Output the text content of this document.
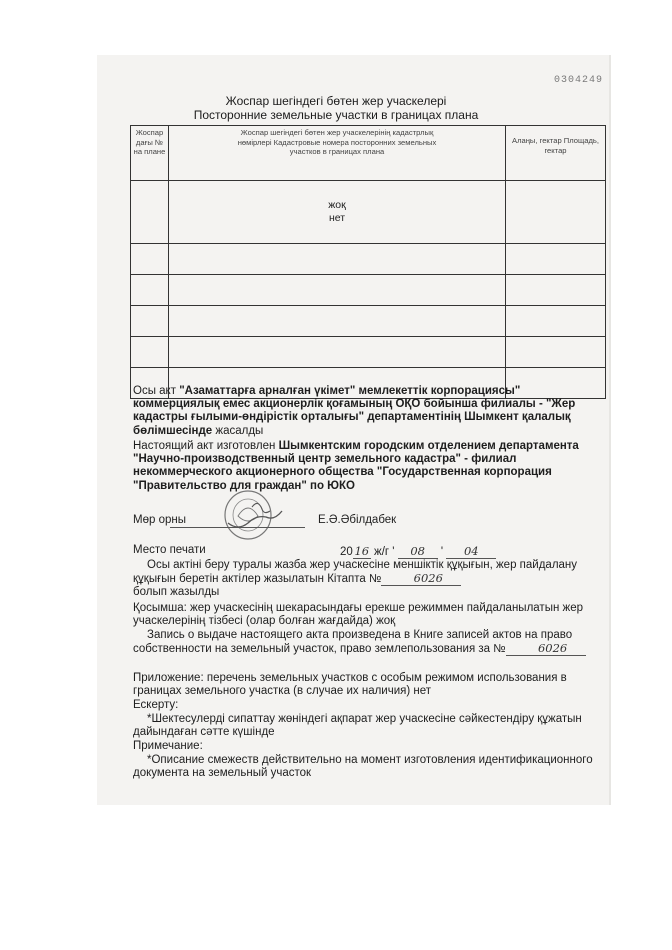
0304249
Жоспар шегіндегі бөтен жер учаскелері
Посторонние земельные участки в границах плана
Жоспар дағы № на плане	Жоспар шегіндегі бөтен жер учаскелерінің кадастрлық нөмірлері Кадастровые номера посторонних земельных участков в границах плана	Алаңы, гектар Площадь, гектар

	жоқ
нет	

Осы акт "Азаматтарға арналған үкімет" мемлекеттік корпорациясы" коммерциялық емес акционерлік қоғамының ОҚО бойынша филиалы - "Жер кадастры ғылыми-өндірістік орталығы" департаментінің Шымкент қалалық бөлімшесінде жасалды
Настоящий акт изготовлен Шымкентским городским отделением департамента "Научно-производственный центр земельного кадастра" - филиал некоммерческого акционерного общества "Государственная корпорация "Правительство для граждан" по ЮКО
Мөр орны	Е.Ә.Әбілдабек
Место печати	20 16 ж/г ' 08 ' 04
Осы актіні беру туралы жазба жер учаскесіне меншіктік құқығын, жер пайдалану құқығын беретін актілер жазылатын Кітапта №	6026
болып жазылды
Қосымша: жер учаскесінің шекарасындағы ерекше режиммен пайдаланылатын жер учаскелерінің тізбесі (олар болған жағдайда) жоқ
Запись о выдаче настоящего акта произведена в Книге записей актов на право собственности на земельный участок, право землепользования за №	6026
Приложение: перечень земельных участков с особым режимом использования в границах земельного участка (в случае их наличия) нет
Ескерту:
*Шектесулерді сипаттау жөніндегі ақпарат жер учаскесіне сәйкестендіру құжатын дайындаған сәтте күшінде
Примечание:
*Описание смежеств действительно на момент изготовления идентификационного документа на земельный участок
